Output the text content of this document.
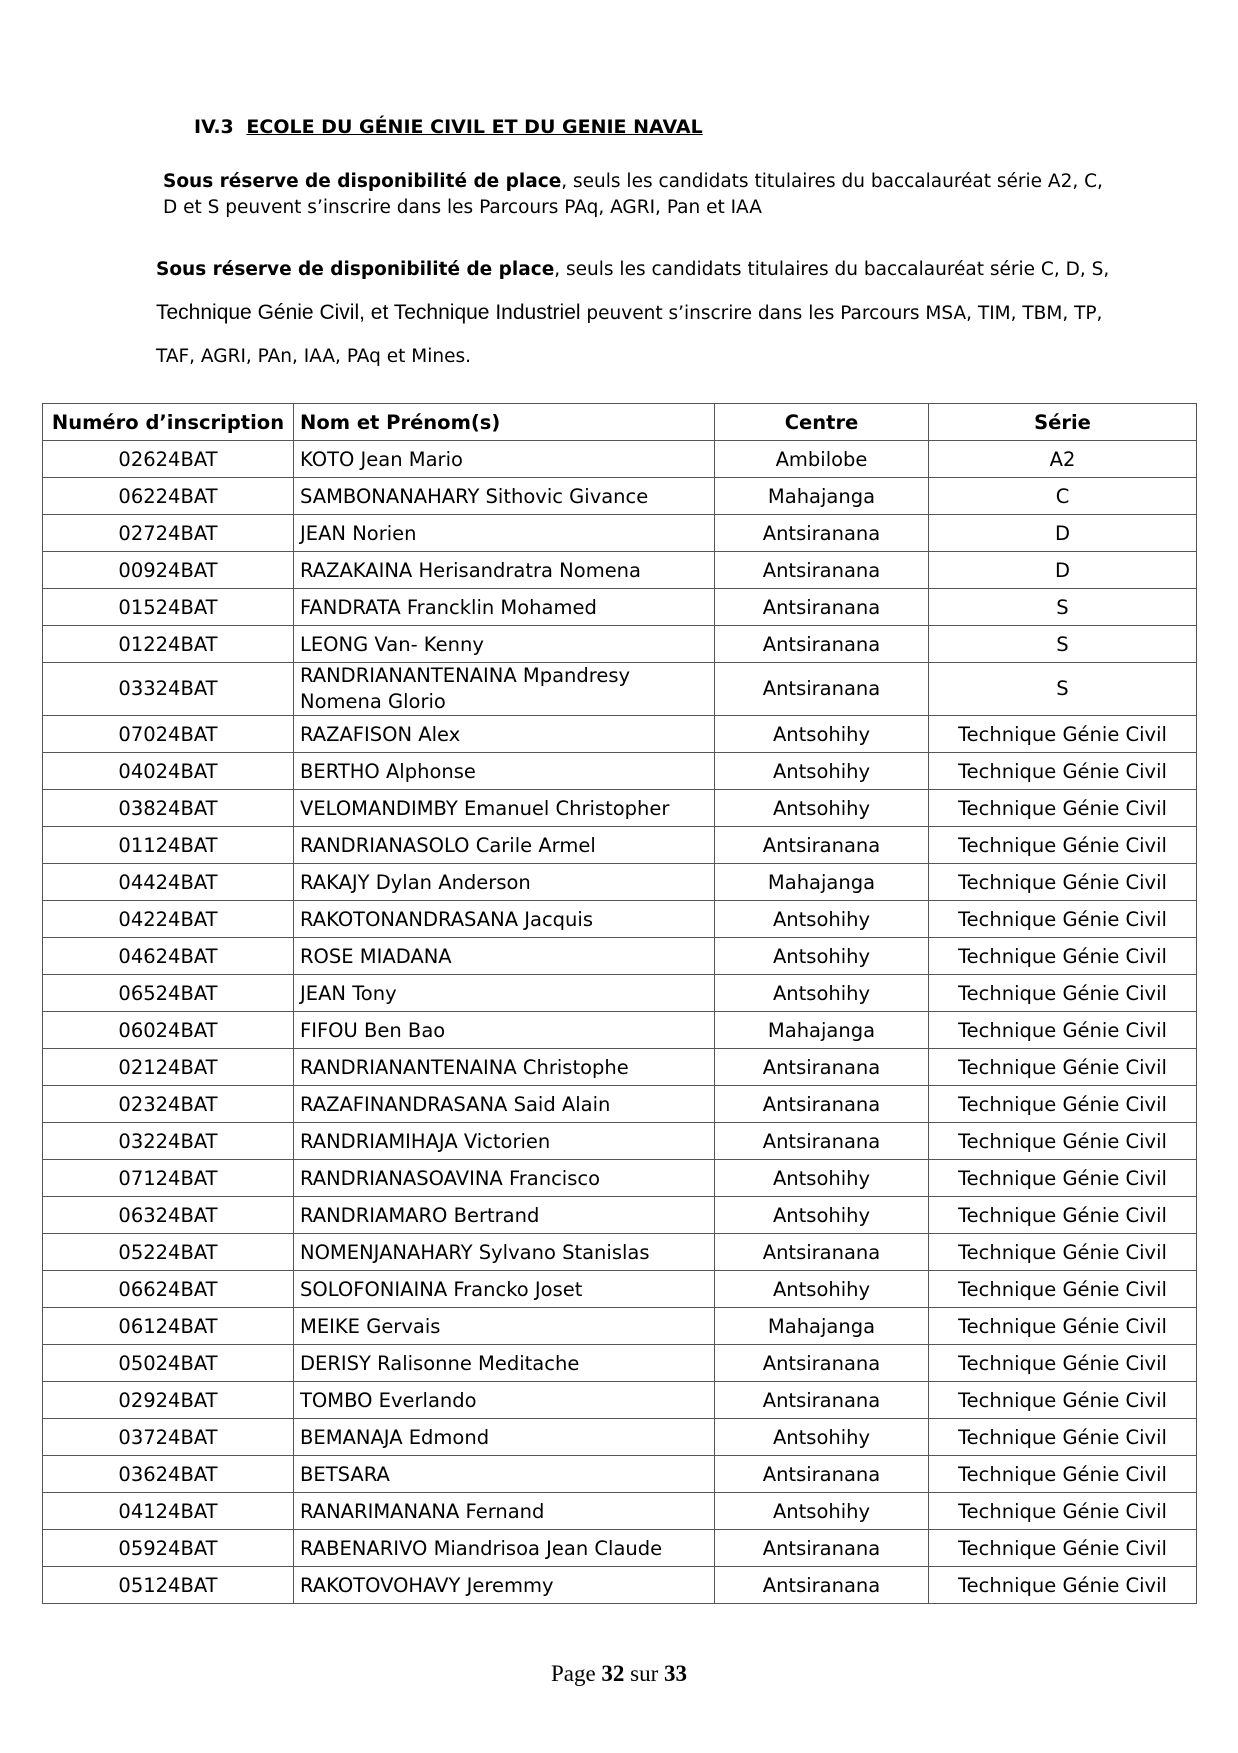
IV.3 ECOLE DU GÉNIE CIVIL ET DU GENIE NAVAL
Sous réserve de disponibilité de place, seuls les candidats titulaires du baccalauréat série A2, C, D et S peuvent s’inscrire dans les Parcours PAq, AGRI, Pan et IAA
Sous réserve de disponibilité de place, seuls les candidats titulaires du baccalauréat série C, D, S, Technique Génie Civil, et Technique Industriel peuvent s’inscrire dans les Parcours MSA, TIM, TBM, TP, TAF, AGRI, PAn, IAA, PAq et Mines.
Numéro d’inscription	Nom et Prénom(s)	Centre	Série
02624BAT	KOTO Jean Mario	Ambilobe	A2
06224BAT	SAMBONANAHARY Sithovic Givance	Mahajanga	C
02724BAT	JEAN Norien	Antsiranana	D
00924BAT	RAZAKAINA Herisandratra Nomena	Antsiranana	D
01524BAT	FANDRATA Francklin Mohamed	Antsiranana	S
01224BAT	LEONG Van- Kenny	Antsiranana	S
03324BAT	RANDRIANANTENAINA Mpandresy Nomena Glorio	Antsiranana	S
07024BAT	RAZAFISON Alex	Antsohihy	Technique Génie Civil
04024BAT	BERTHO Alphonse	Antsohihy	Technique Génie Civil
03824BAT	VELOMANDIMBY Emanuel Christopher	Antsohihy	Technique Génie Civil
01124BAT	RANDRIANASOLO Carile Armel	Antsiranana	Technique Génie Civil
04424BAT	RAKAJY Dylan Anderson	Mahajanga	Technique Génie Civil
04224BAT	RAKOTONANDRASANA Jacquis	Antsohihy	Technique Génie Civil
04624BAT	ROSE MIADANA	Antsohihy	Technique Génie Civil
06524BAT	JEAN Tony	Antsohihy	Technique Génie Civil
06024BAT	FIFOU Ben Bao	Mahajanga	Technique Génie Civil
02124BAT	RANDRIANANTENAINA Christophe	Antsiranana	Technique Génie Civil
02324BAT	RAZAFINANDRASANA Said Alain	Antsiranana	Technique Génie Civil
03224BAT	RANDRIAMIHAJA Victorien	Antsiranana	Technique Génie Civil
07124BAT	RANDRIANASOAVINA Francisco	Antsohihy	Technique Génie Civil
06324BAT	RANDRIAMARO Bertrand	Antsohihy	Technique Génie Civil
05224BAT	NOMENJANAHARY Sylvano Stanislas	Antsiranana	Technique Génie Civil
06624BAT	SOLOFONIAINA Francko Joset	Antsohihy	Technique Génie Civil
06124BAT	MEIKE Gervais	Mahajanga	Technique Génie Civil
05024BAT	DERISY Ralisonne Meditache	Antsiranana	Technique Génie Civil
02924BAT	TOMBO Everlando	Antsiranana	Technique Génie Civil
03724BAT	BEMANAJA Edmond	Antsohihy	Technique Génie Civil
03624BAT	BETSARA	Antsiranana	Technique Génie Civil
04124BAT	RANARIMANANA Fernand	Antsohihy	Technique Génie Civil
05924BAT	RABENARIVO Miandrisoa Jean Claude	Antsiranana	Technique Génie Civil
05124BAT	RAKOTOVOHAVY Jeremmy	Antsiranana	Technique Génie Civil
Page 32 sur 33
